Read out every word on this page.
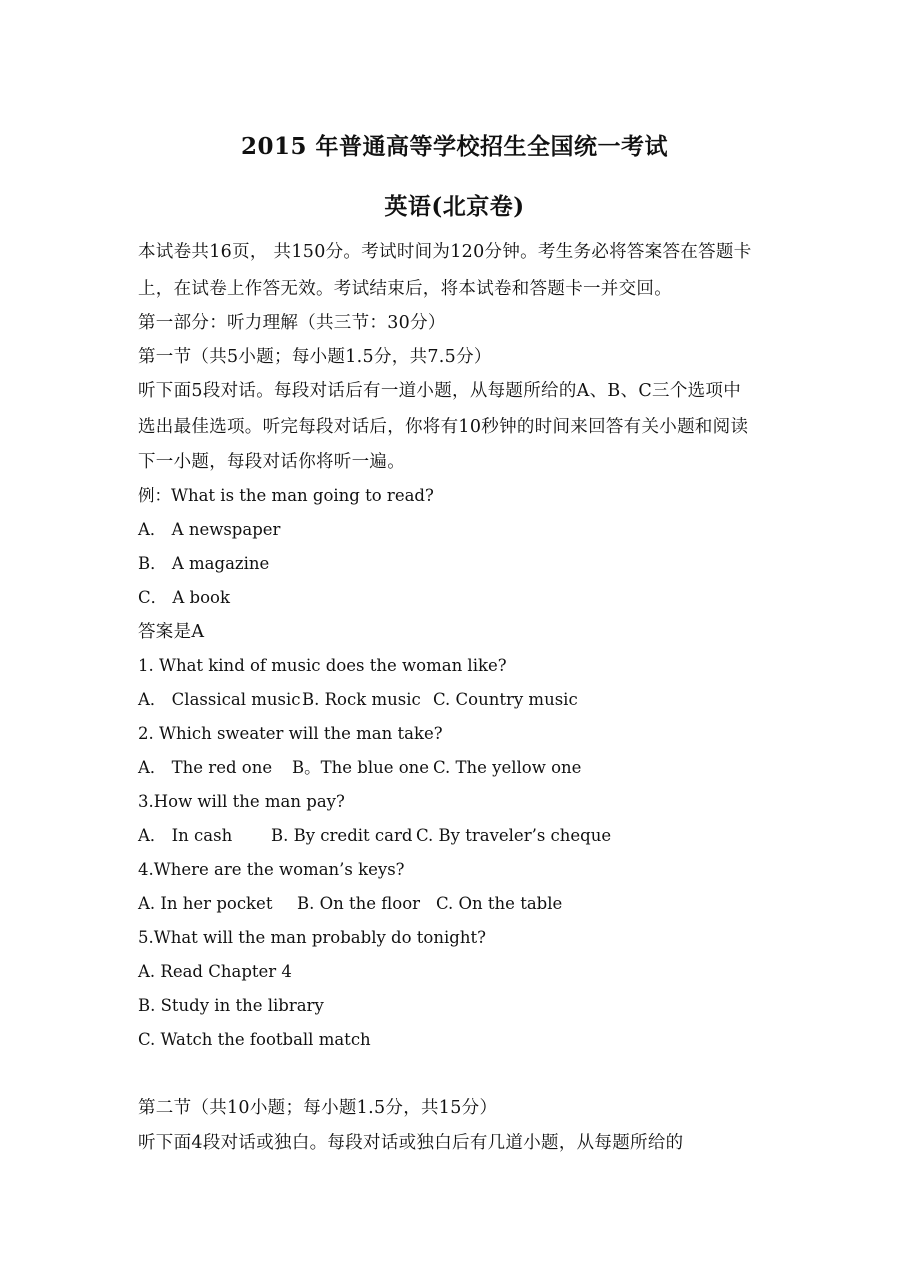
2015 年普通高等学校招生全国统一考试
英语(北京卷)
本试卷共16页， 共150分。考试时间为120分钟。考生务必将答案答在答题卡
上，在试卷上作答无效。考试结束后，将本试卷和答题卡一并交回。
第一部分：听力理解（共三节：30分）
第一节（共5小题；每小题1.5分，共7.5分）
听下面5段对话。每段对话后有一道小题，从每题所给的A、B、C三个选项中
选出最佳选项。听完每段对话后，你将有10秒钟的时间来回答有关小题和阅读
下一小题，每段对话你将听一遍。
例：What is the man going to read?
A． A newspaper
B． A magazine
C． A book
答案是A
1. What kind of music does the woman like?
A． Classical musicB. Rock music C. Country music
2. Which sweater will the man take?
A． The red one B。The blue one C. The yellow one
3.How will the man pay?
A． In cash B. By credit card C. By traveler’s cheque
4.Where are the woman’s keys?
A. In her pocket B. On the floor C. On the table
5.What will the man probably do tonight?
A. Read Chapter 4
B. Study in the library
C. Watch the football match
第二节（共10小题；每小题1.5分，共15分）
听下面4段对话或独白。每段对话或独白后有几道小题，从每题所给的
